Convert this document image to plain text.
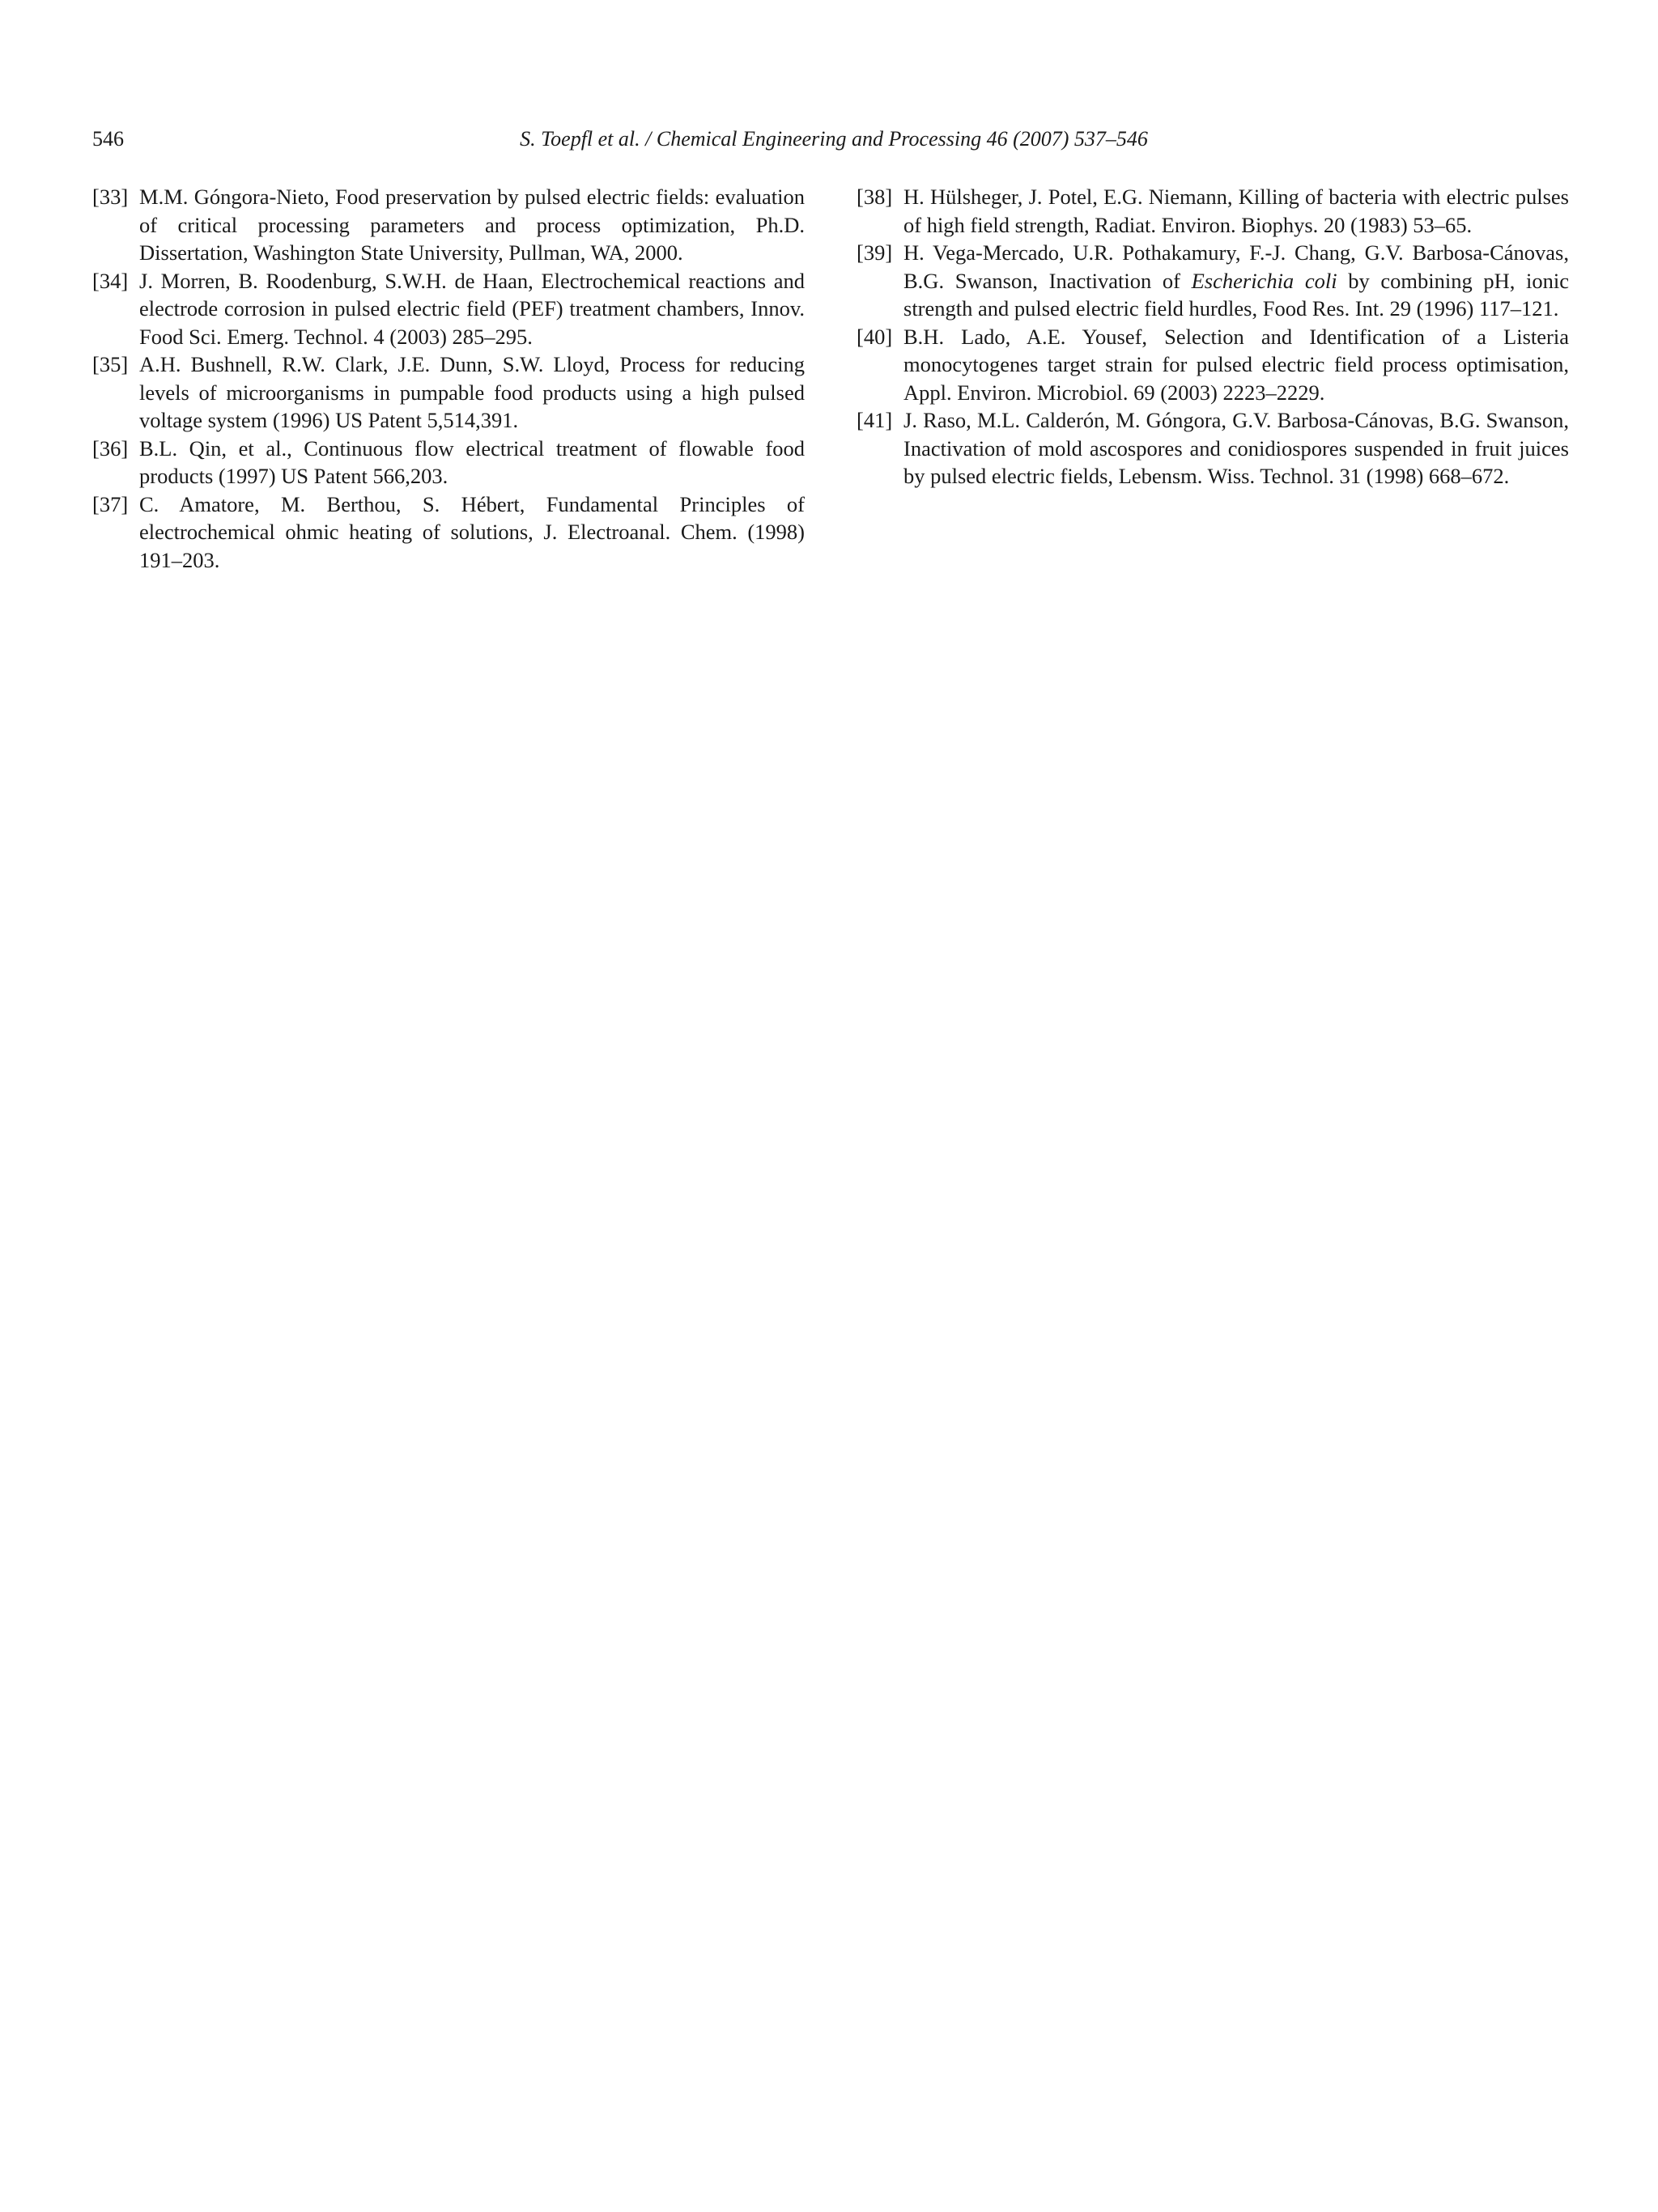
546	S. Toepfl et al. / Chemical Engineering and Processing 46 (2007) 537–546
[33] M.M. Góngora-Nieto, Food preservation by pulsed electric fields: evaluation of critical processing parameters and process optimization, Ph.D. Dissertation, Washington State University, Pullman, WA, 2000.
[34] J. Morren, B. Roodenburg, S.W.H. de Haan, Electrochemical reactions and electrode corrosion in pulsed electric field (PEF) treatment chambers, Innov. Food Sci. Emerg. Technol. 4 (2003) 285–295.
[35] A.H. Bushnell, R.W. Clark, J.E. Dunn, S.W. Lloyd, Process for reducing levels of microorganisms in pumpable food products using a high pulsed voltage system (1996) US Patent 5,514,391.
[36] B.L. Qin, et al., Continuous flow electrical treatment of flowable food products (1997) US Patent 566,203.
[37] C. Amatore, M. Berthou, S. Hébert, Fundamental Principles of electrochemical ohmic heating of solutions, J. Electroanal. Chem. (1998) 191–203.
[38] H. Hülsheger, J. Potel, E.G. Niemann, Killing of bacteria with electric pulses of high field strength, Radiat. Environ. Biophys. 20 (1983) 53–65.
[39] H. Vega-Mercado, U.R. Pothakamury, F.-J. Chang, G.V. Barbosa-Cánovas, B.G. Swanson, Inactivation of Escherichia coli by combining pH, ionic strength and pulsed electric field hurdles, Food Res. Int. 29 (1996) 117–121.
[40] B.H. Lado, A.E. Yousef, Selection and Identification of a Listeria monocytogenes target strain for pulsed electric field process optimisation, Appl. Environ. Microbiol. 69 (2003) 2223–2229.
[41] J. Raso, M.L. Calderón, M. Góngora, G.V. Barbosa-Cánovas, B.G. Swanson, Inactivation of mold ascospores and conidiospores suspended in fruit juices by pulsed electric fields, Lebensm. Wiss. Technol. 31 (1998) 668–672.
